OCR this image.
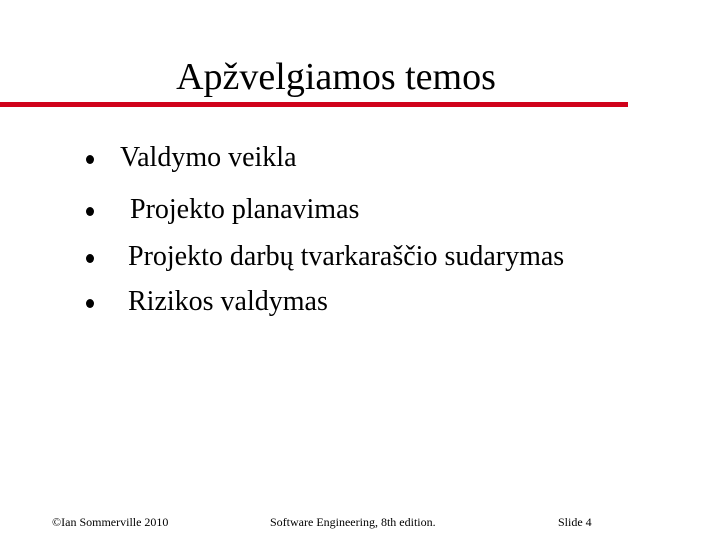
Apžvelgiamos temos
Valdymo veikla
Projekto planavimas
Projekto darbų tvarkaraščio sudarymas
Rizikos valdymas
©Ian Sommerville 2010	Software Engineering, 8th edition.	Slide 4
